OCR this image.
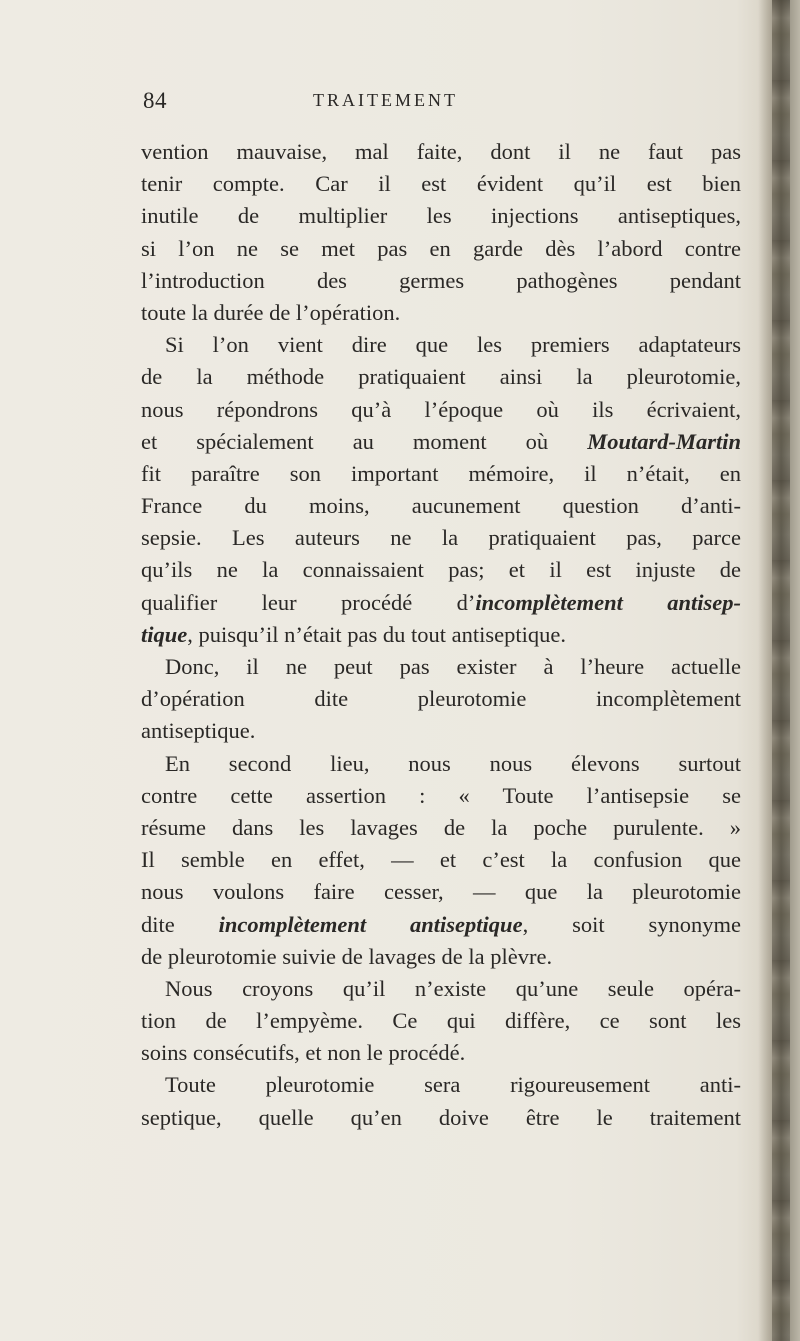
84	TRAITEMENT
vention mauvaise, mal faite, dont il ne faut pas
tenir compte. Car il est évident qu’il est bien
inutile de multiplier les injections antiseptiques,
si l’on ne se met pas en garde dès l’abord contre
l’introduction des germes pathogènes pendant
toute la durée de l’opération.
Si l’on vient dire que les premiers adaptateurs
de la méthode pratiquaient ainsi la pleurotomie,
nous répondrons qu’à l’époque où ils écrivaient,
et spécialement au moment où Moutard-Martin
fit paraître son important mémoire, il n’était, en
France du moins, aucunement question d’anti-
sepsie. Les auteurs ne la pratiquaient pas, parce
qu’ils ne la connaissaient pas; et il est injuste de
qualifier leur procédé d’incomplètement antisep-
tique, puisqu’il n’était pas du tout antiseptique.
Donc, il ne peut pas exister à l’heure actuelle
d’opération dite pleurotomie incomplètement
antiseptique.
En second lieu, nous nous élevons surtout
contre cette assertion : « Toute l’antisepsie se
résume dans les lavages de la poche purulente. »
Il semble en effet, — et c’est la confusion que
nous voulons faire cesser, — que la pleurotomie
dite incomplètement antiseptique, soit synonyme
de pleurotomie suivie de lavages de la plèvre.
Nous croyons qu’il n’existe qu’une seule opéra-
tion de l’empyème. Ce qui diffère, ce sont les
soins consécutifs, et non le procédé.
Toute pleurotomie sera rigoureusement anti-
septique, quelle qu’en doive être le traitement
